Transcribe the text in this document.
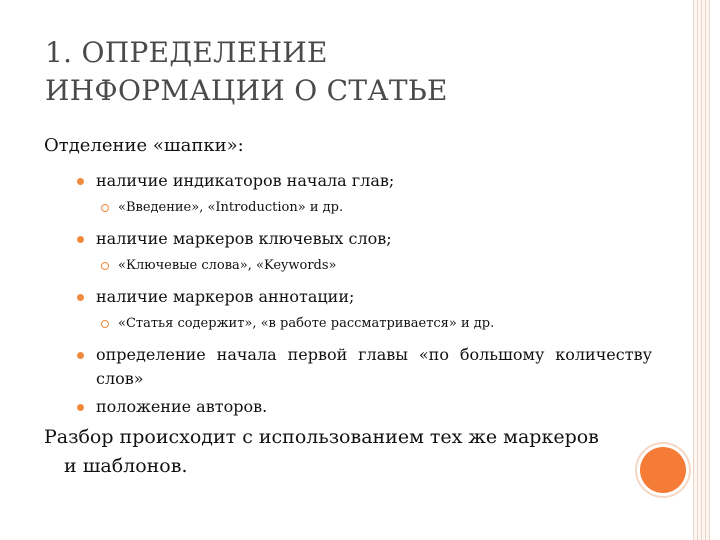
1. ОПРЕДЕЛЕНИЕ
ИНФОРМАЦИИ О СТАТЬЕ

Отделение «шапки»:

наличие индикаторов начала глав;
«Введение», «Introduction» и др.
наличие маркеров ключевых слов;
«Ключевые слова», «Keywords»
наличие маркеров аннотации;
«Статья содержит», «в работе рассматривается» и др.
определение начала первой главы «по большому количеству слов»
положение авторов.

Разбор происходит с использованием тех же маркеров и шаблонов.
